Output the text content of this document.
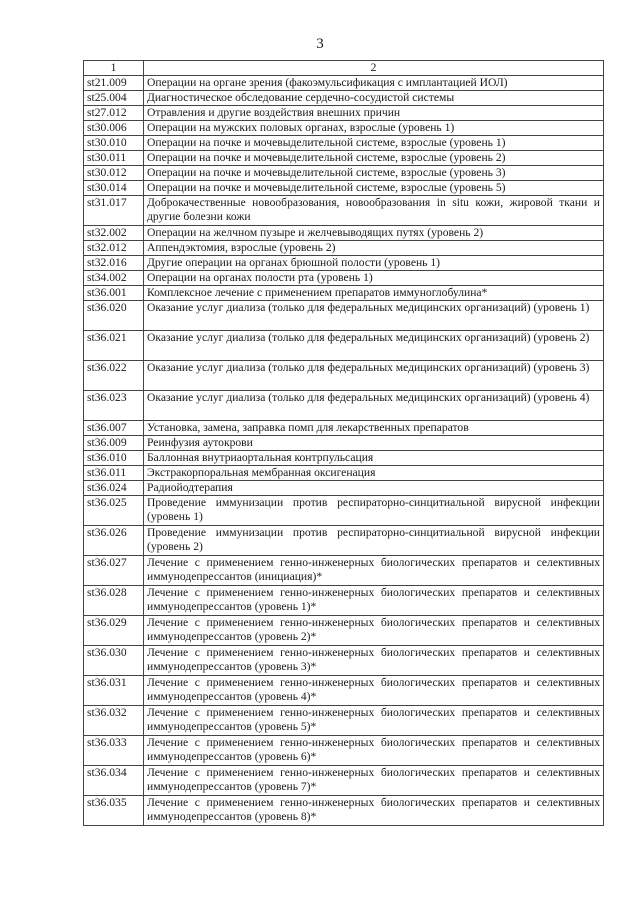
3
1	2
st21.009	Операции на органе зрения (факоэмульсификация с имплантацией ИОЛ)
st25.004	Диагностическое обследование сердечно-сосудистой системы
st27.012	Отравления и другие воздействия внешних причин
st30.006	Операции на мужских половых органах, взрослые (уровень 1)
st30.010	Операции на почке и мочевыделительной системе, взрослые (уровень 1)
st30.011	Операции на почке и мочевыделительной системе, взрослые (уровень 2)
st30.012	Операции на почке и мочевыделительной системе, взрослые (уровень 3)
st30.014	Операции на почке и мочевыделительной системе, взрослые (уровень 5)
st31.017	Доброкачественные новообразования, новообразования in situ кожи, жировой ткани и другие болезни кожи
st32.002	Операции на желчном пузыре и желчевыводящих путях (уровень 2)
st32.012	Аппендэктомия, взрослые (уровень 2)
st32.016	Другие операции на органах брюшной полости (уровень 1)
st34.002	Операции на органах полости рта (уровень 1)
st36.001	Комплексное лечение с применением препаратов иммуноглобулина*
st36.020	Оказание услуг диализа (только для федеральных медицинских организаций) (уровень 1)
st36.021	Оказание услуг диализа (только для федеральных медицинских организаций) (уровень 2)
st36.022	Оказание услуг диализа (только для федеральных медицинских организаций) (уровень 3)
st36.023	Оказание услуг диализа (только для федеральных медицинских организаций) (уровень 4)
st36.007	Установка, замена, заправка помп для лекарственных препаратов
st36.009	Реинфузия аутокрови
st36.010	Баллонная внутриаортальная контрпульсация
st36.011	Экстракорпоральная мембранная оксигенация
st36.024	Радиойодтерапия
st36.025	Проведение иммунизации против респираторно-синцитиальной вирусной инфекции (уровень 1)
st36.026	Проведение иммунизации против респираторно-синцитиальной вирусной инфекции (уровень 2)
st36.027	Лечение с применением генно-инженерных биологических препаратов и селективных иммунодепрессантов (инициация)*
st36.028	Лечение с применением генно-инженерных биологических препаратов и селективных иммунодепрессантов (уровень 1)*
st36.029	Лечение с применением генно-инженерных биологических препаратов и селективных иммунодепрессантов (уровень 2)*
st36.030	Лечение с применением генно-инженерных биологических препаратов и селективных иммунодепрессантов (уровень 3)*
st36.031	Лечение с применением генно-инженерных биологических препаратов и селективных иммунодепрессантов (уровень 4)*
st36.032	Лечение с применением генно-инженерных биологических препаратов и селективных иммунодепрессантов (уровень 5)*
st36.033	Лечение с применением генно-инженерных биологических препаратов и селективных иммунодепрессантов (уровень 6)*
st36.034	Лечение с применением генно-инженерных биологических препаратов и селективных иммунодепрессантов (уровень 7)*
st36.035	Лечение с применением генно-инженерных биологических препаратов и селективных иммунодепрессантов (уровень 8)*
